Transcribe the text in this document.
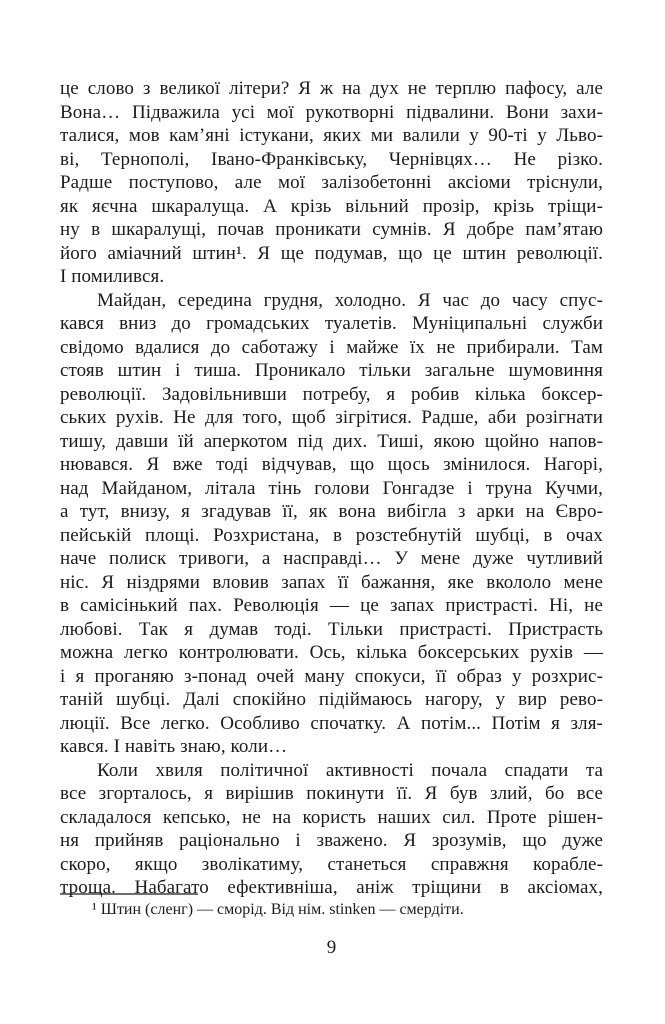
це слово з великої літери? Я ж на дух не терплю пафосу, але
Вона… Підважила усі мої рукотворні підвалини. Вони захи-
талися, мов кам’яні істукани, яких ми валили у 90-ті у Льво-
ві, Тернополі, Івано-Франківську, Чернівцях… Не різко.
Радше поступово, але мої залізобетонні аксіоми тріснули,
як яєчна шкаралуща. А крізь вільний прозір, крізь тріщи-
ну в шкаралущі, почав проникати сумнів. Я добре пам’ятаю
його аміачний штин¹. Я ще подумав, що це штин революції.
І помилився.
Майдан, середина грудня, холодно. Я час до часу спус-
кався вниз до громадських туалетів. Муніципальні служби
свідомо вдалися до саботажу і майже їх не прибирали. Там
стояв штин і тиша. Проникало тільки загальне шумовиння
революції. Задовільнивши потребу, я робив кілька боксер-
ських рухів. Не для того, щоб зігрітися. Радше, аби розігнати
тишу, давши їй аперкотом під дих. Тиші, якою щойно напов-
нювався. Я вже тоді відчував, що щось змінилося. Нагорі,
над Майданом, літала тінь голови Гонгадзе і труна Кучми,
а тут, внизу, я згадував її, як вона вибігла з арки на Євро-
пейській площі. Розхристана, в розстебнутій шубці, в очах
наче полиск тривоги, а насправді… У мене дуже чутливий
ніс. Я ніздрями вловив запах її бажання, яке вкололо мене
в самісінький пах. Революція — це запах пристрасті. Ні, не
любові. Так я думав тоді. Тільки пристрасті. Пристрасть
можна легко контролювати. Ось, кілька боксерських рухів —
і я проганяю з-понад очей ману спокуси, її образ у розхрис-
таній шубці. Далі спокійно підіймаюсь нагору, у вир рево-
люції. Все легко. Особливо спочатку. А потім... Потім я зля-
кався. І навіть знаю, коли…
Коли хвиля політичної активності почала спадати та
все згорталось, я вирішив покинути її. Я був злий, бо все
складалося кепсько, не на користь наших сил. Проте рішен-
ня прийняв раціонально і зважено. Я зрозумів, що дуже
скоро, якщо зволікатиму, станеться справжня корабле-
троща. Набагато ефективніша, аніж тріщини в аксіомах,
¹ Штин (сленг) — сморід. Від нім. stinken — смердіти.
9
